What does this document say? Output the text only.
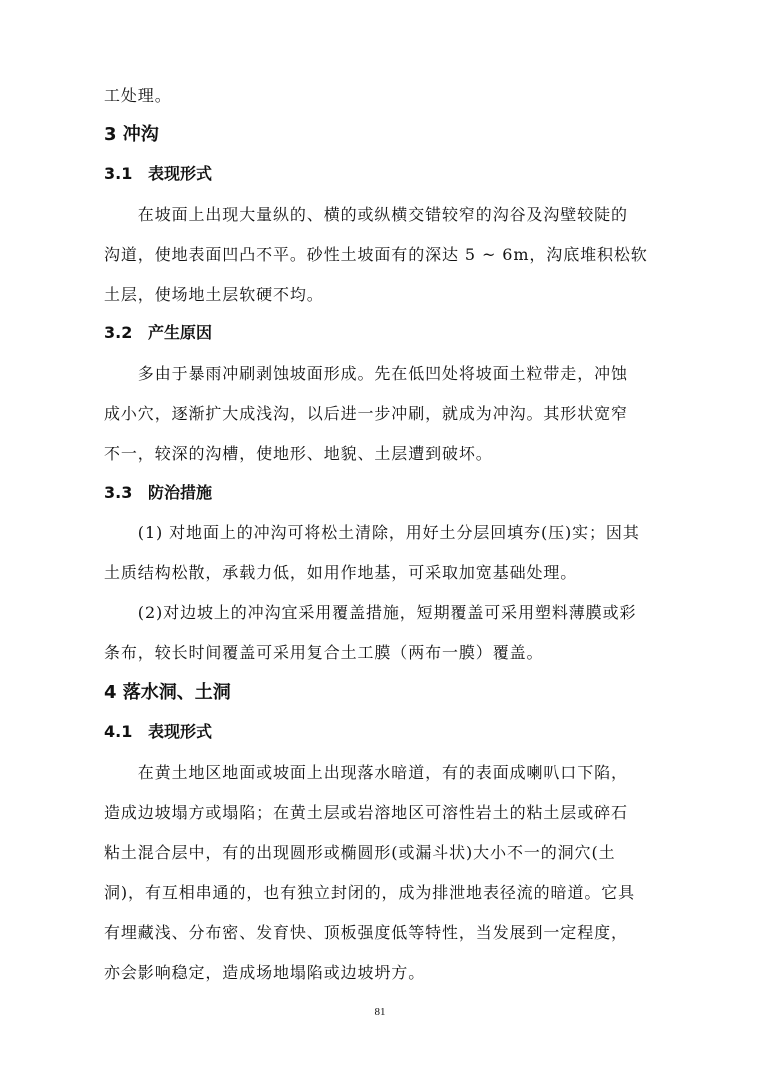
工处理。

3 冲沟
3.1 表现形式

　　在坡面上出现大量纵的、横的或纵横交错较窄的沟谷及沟壁较陡的

沟道，使地表面凹凸不平。砂性土坡面有的深达 5 ~ 6m，沟底堆积松软

土层，使场地土层软硬不均。

3.2 产生原因

　　多由于暴雨冲刷剥蚀坡面形成。先在低凹处将坡面土粒带走，冲蚀

成小穴，逐渐扩大成浅沟，以后进一步冲刷，就成为冲沟。其形状宽窄

不一，较深的沟槽，使地形、地貌、土层遭到破坏。

3.3 防治措施

　　(1) 对地面上的冲沟可将松土清除，用好土分层回填夯(压)实；因其

土质结构松散，承载力低，如用作地基，可采取加宽基础处理。

　　(2)对边坡上的冲沟宜采用覆盖措施，短期覆盖可采用塑料薄膜或彩

条布，较长时间覆盖可采用复合土工膜（两布一膜）覆盖。

4 落水洞、土洞
4.1 表现形式

　　在黄土地区地面或坡面上出现落水暗道，有的表面成喇叭口下陷，

造成边坡塌方或塌陷；在黄土层或岩溶地区可溶性岩土的粘土层或碎石

粘土混合层中，有的出现圆形或椭圆形(或漏斗状)大小不一的洞穴(土

洞)，有互相串通的，也有独立封闭的，成为排泄地表径流的暗道。它具

有埋藏浅、分布密、发育快、顶板强度低等特性，当发展到一定程度，

亦会影响稳定，造成场地塌陷或边坡坍方。

81
